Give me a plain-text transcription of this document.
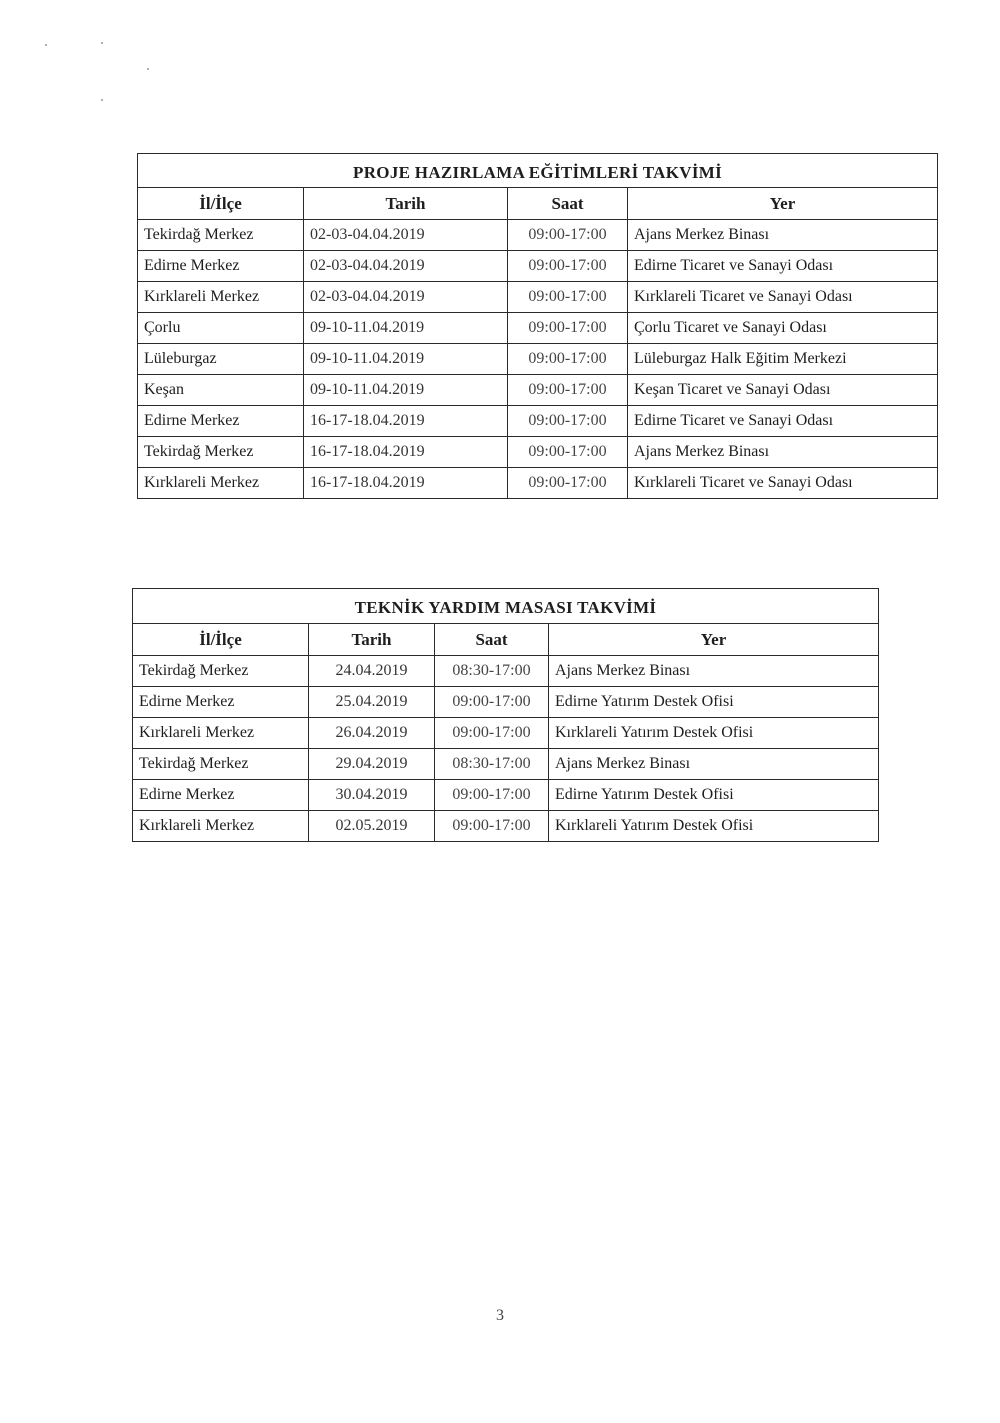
PROJE HAZIRLAMA EĞİTİMLERİ TAKVİMİ			
İl/İlçe	Tarih	Saat	Yer
Tekirdağ Merkez	02-03-04.04.2019	09:00-17:00	Ajans Merkez Binası
Edirne Merkez	02-03-04.04.2019	09:00-17:00	Edirne Ticaret ve Sanayi Odası
Kırklareli Merkez	02-03-04.04.2019	09:00-17:00	Kırklareli Ticaret ve Sanayi Odası
Çorlu	09-10-11.04.2019	09:00-17:00	Çorlu Ticaret ve Sanayi Odası
Lüleburgaz	09-10-11.04.2019	09:00-17:00	Lüleburgaz Halk Eğitim Merkezi
Keşan	09-10-11.04.2019	09:00-17:00	Keşan Ticaret ve Sanayi Odası
Edirne Merkez	16-17-18.04.2019	09:00-17:00	Edirne Ticaret ve Sanayi Odası
Tekirdağ Merkez	16-17-18.04.2019	09:00-17:00	Ajans Merkez Binası
Kırklareli Merkez	16-17-18.04.2019	09:00-17:00	Kırklareli Ticaret ve Sanayi Odası
TEKNİK YARDIM MASASI TAKVİMİ			
İl/İlçe	Tarih	Saat	Yer
Tekirdağ Merkez	24.04.2019	08:30-17:00	Ajans Merkez Binası
Edirne Merkez	25.04.2019	09:00-17:00	Edirne Yatırım Destek Ofisi
Kırklareli Merkez	26.04.2019	09:00-17:00	Kırklareli Yatırım Destek Ofisi
Tekirdağ Merkez	29.04.2019	08:30-17:00	Ajans Merkez Binası
Edirne Merkez	30.04.2019	09:00-17:00	Edirne Yatırım Destek Ofisi
Kırklareli Merkez	02.05.2019	09:00-17:00	Kırklareli Yatırım Destek Ofisi
3
